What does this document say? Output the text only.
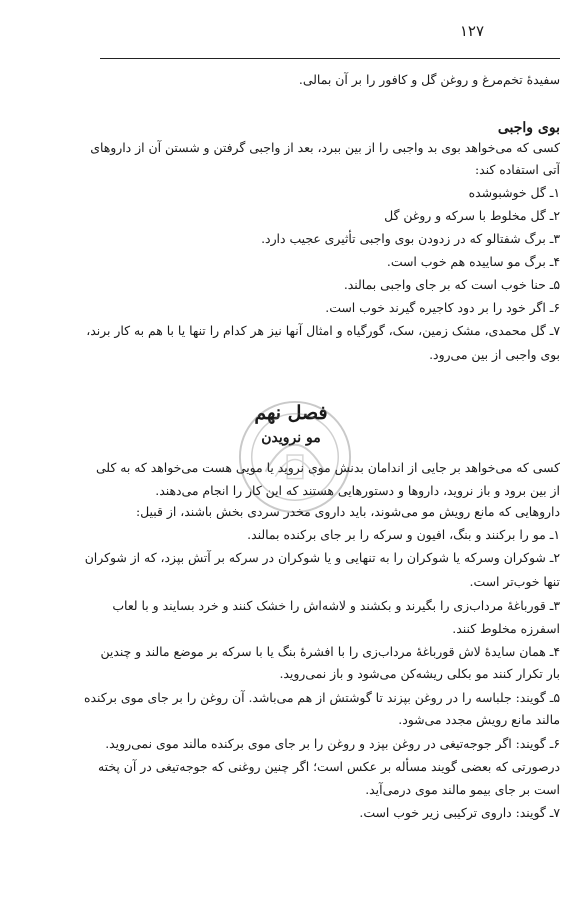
۱۲۷
سفیدهٔ تخم‌مرغ و روغن گل و کافور را بر آن بمالی.
بوی واجبی
کسی که می‌خواهد بوی بد واجبی را از بین ببرد، بعد از واجبی گرفتن و شستن آن از داروهای
آتی استفاده کند:
۱ـ گل خوشبوشده
۲ـ گل مخلوط با سرکه و روغن گل
۳ـ برگ شفتالو که در زدودن بوی واجبی تأثیری عجیب دارد.
۴ـ برگ مو ساییده هم خوب است.
۵ـ حنا خوب است که بر جای واجبی بمالند.
۶ـ اگر خود را بر دود کاجیره گیرند خوب است.
۷ـ گل محمدی، مشک زمین، سک، گورگیاه و امثال آنها نیز هر کدام را تنها یا با هم به کار برند،
بوی واجبی از بین می‌رود.
فصل نهم
مو نرویدن
کسی که می‌خواهد بر جایی از اندامان بدنش موی نروید یا مویی هست می‌خواهد که به کلی
از بین برود و باز نروید، داروها و دستورهایی هستند که این کار را انجام می‌دهند.
داروهایی که مانع رویش مو می‌شوند، باید داروی مخدر سردی بخش باشند، از قبیل:
۱ـ مو را برکنند و بنگ، افیون و سرکه را بر جای برکنده بمالند.
۲ـ شوکران وسرکه یا شوکران را به تنهایی و یا شوکران در سرکه بر آتش بپزد، که از شوکران
تنها خوب‌تر است.
۳ـ قورباغهٔ مرداب‌زی را بگیرند و بکشند و لاشه‌اش را خشک کنند و خرد بسایند و با لعاب
اسفرزه مخلوط کنند.
۴ـ همان سایدهٔ لاش قورباغهٔ مرداب‌زی را با افشرهٔ بنگ یا با سرکه بر موضع مالند و چندین
بار تکرار کنند مو بکلی ریشه‌کن می‌شود و باز نمی‌روید.
۵ـ گویند: جلباسه را در روغن بپزند تا گوشتش از هم می‌باشد. آن روغن را بر جای موی برکنده
مالند مانع رویش مجدد می‌شود.
۶ـ گویند: اگر جوجه‌تیغی در روغن بپزد و روغن را بر جای موی برکنده مالند موی نمی‌روید.
درصورتی که بعضی گویند مسأله بر عکس است؛ اگر چنین روغنی که جوجه‌تیغی در آن پخته
است بر جای بیمو مالند موی درمی‌آید.
۷ـ گویند: داروی ترکیبی زیر خوب است.
